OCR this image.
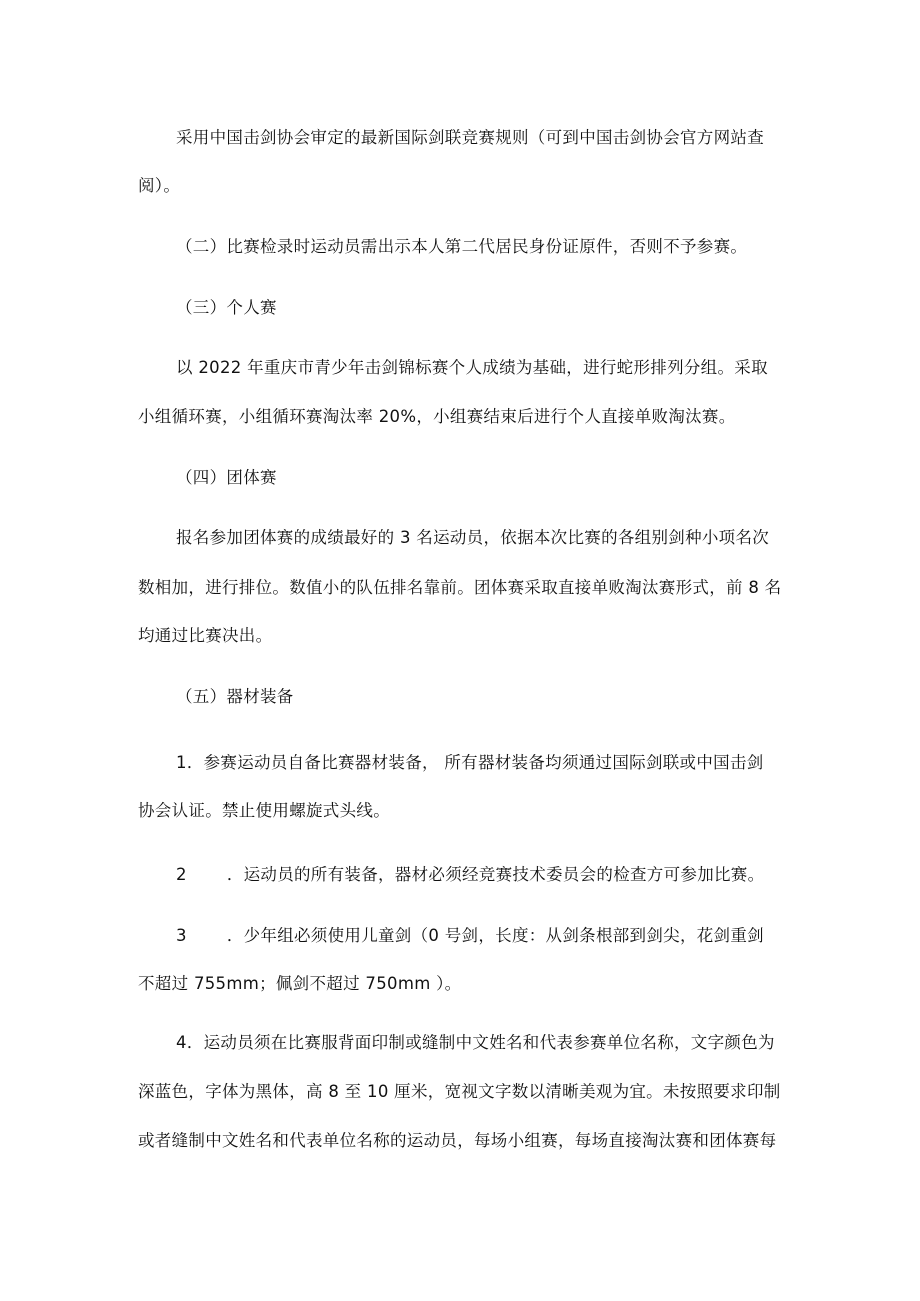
采用中国击剑协会审定的最新国际剑联竞赛规则（可到中国击剑协会官方网站查
阅）。
（二）比赛检录时运动员需出示本人第二代居民身份证原件，否则不予参赛。
（三）个人赛
以 2022 年重庆市青少年击剑锦标赛个人成绩为基础，进行蛇形排列分组。采取
小组循环赛，小组循环赛淘汰率 20%，小组赛结束后进行个人直接单败淘汰赛。
（四）团体赛
报名参加团体赛的成绩最好的 3 名运动员，依据本次比赛的各组别剑种小项名次
数相加，进行排位。数值小的队伍排名靠前。团体赛采取直接单败淘汰赛形式，前 8 名
均通过比赛决出。
（五）器材装备
1．参赛运动员自备比赛器材装备， 所有器材装备均须通过国际剑联或中国击剑
协会认证。禁止使用螺旋式头线。
2 ．运动员的所有装备，器材必须经竞赛技术委员会的检查方可参加比赛。
3 ．少年组必须使用儿童剑（0 号剑，长度：从剑条根部到剑尖，花剑重剑
不超过 755mm；佩剑不超过 750mm ）。
4．运动员须在比赛服背面印制或缝制中文姓名和代表参赛单位名称，文字颜色为
深蓝色，字体为黑体，高 8 至 10 厘米，宽视文字数以清晰美观为宜。未按照要求印制
或者缝制中文姓名和代表单位名称的运动员，每场小组赛，每场直接淘汰赛和团体赛每
